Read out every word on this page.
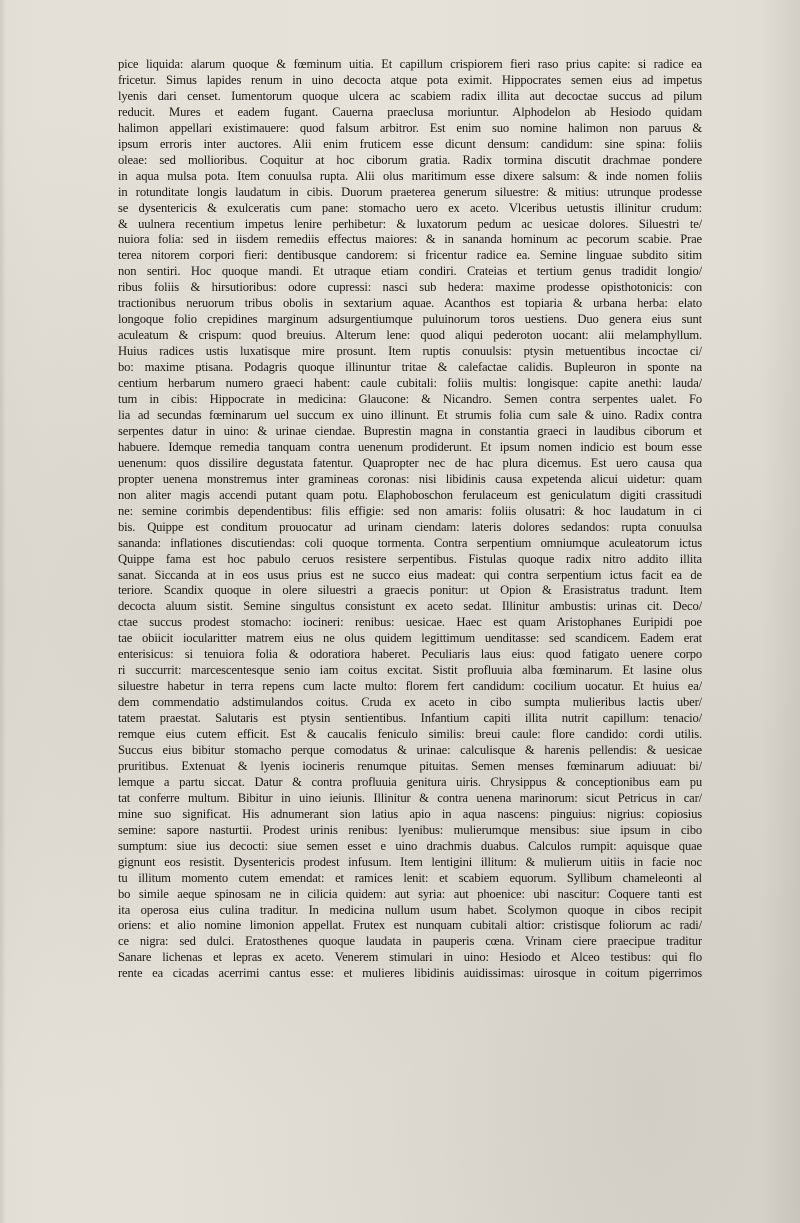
pice liquida: alarum quoque & fœminum uitia. Et capillum crispiorem fieri raso prius capite: si radice ea
fricetur. Simus lapides renum in uino decocta atque pota eximit. Hippocrates semen eius ad impetus
lyenis dari censet. Iumentorum quoque ulcera ac scabiem radix illita aut decoctae succus ad pilum
reducit. Mures et eadem fugant. Cauerna praeclusa moriuntur. Alphodelon ab Hesiodo quidam
halimon appellari existimauere: quod falsum arbitror. Est enim suo nomine halimon non paruus &
ipsum erroris inter auctores. Alii enim fruticem esse dicunt densum: candidum: sine spina: foliis
oleae: sed mollioribus. Coquitur at hoc ciborum gratia. Radix tormina discutit drachmae pondere
in aqua mulsa pota. Item conuulsa rupta. Alii olus maritimum esse dixere salsum: & inde nomen foliis
in rotunditate longis laudatum in cibis. Duorum praeterea generum siluestre: & mitius: utrunque prodesse
se dysentericis & exulceratis cum pane: stomacho uero ex aceto. Vlceribus uetustis illinitur crudum:
& uulnera recentium impetus lenire perhibetur: & luxatorum pedum ac uesicae dolores. Siluestri te/
nuiora folia: sed in iisdem remediis effectus maiores: & in sananda hominum ac pecorum scabie. Prae
terea nitorem corpori fieri: dentibusque candorem: si fricentur radice ea. Semine linguae subdito sitim
non sentiri. Hoc quoque mandi. Et utraque etiam condiri. Crateias et tertium genus tradidit longio/
ribus foliis & hirsutioribus: odore cupressi: nasci sub hedera: maxime prodesse opisthotonicis: con
tractionibus neruorum tribus obolis in sextarium aquae. Acanthos est topiaria & urbana herba: elato
longoque folio crepidines marginum adsurgentiumque puluinorum toros uestiens. Duo genera eius sunt
aculeatum & crispum: quod breuius. Alterum lene: quod aliqui pederoton uocant: alii melamphyllum.
Huius radices ustis luxatisque mire prosunt. Item ruptis conuulsis: ptysin metuentibus incoctae ci/
bo: maxime ptisana. Podagris quoque illinuntur tritae & calefactae calidis. Bupleuron in sponte na
centium herbarum numero graeci habent: caule cubitali: foliis multis: longisque: capite anethi: lauda/
tum in cibis: Hippocrate in medicina: Glaucone: & Nicandro. Semen contra serpentes ualet. Fo
lia ad secundas fœminarum uel succum ex uino illinunt. Et strumis folia cum sale & uino. Radix contra
serpentes datur in uino: & urinae ciendae. Buprestin magna in constantia graeci in laudibus ciborum et
habuere. Idemque remedia tanquam contra uenenum prodiderunt. Et ipsum nomen indicio est boum esse
uenenum: quos dissilire degustata fatentur. Quapropter nec de hac plura dicemus. Est uero causa qua
propter uenena monstremus inter gramineas coronas: nisi libidinis causa expetenda alicui uidetur: quam
non aliter magis accendi putant quam potu. Elaphoboschon ferulaceum est geniculatum digiti crassitudi
ne: semine corimbis dependentibus: filis effigie: sed non amaris: foliis olusatri: & hoc laudatum in ci
bis. Quippe est conditum prouocatur ad urinam ciendam: lateris dolores sedandos: rupta conuulsa
sananda: inflationes discutiendas: coli quoque tormenta. Contra serpentium omniumque aculeatorum ictus
Quippe fama est hoc pabulo ceruos resistere serpentibus. Fistulas quoque radix nitro addito illita
sanat. Siccanda at in eos usus prius est ne succo eius madeat: qui contra serpentium ictus facit ea de
teriore. Scandix quoque in olere siluestri a graecis ponitur: ut Opion & Erasistratus tradunt. Item
decocta aluum sistit. Semine singultus consistunt ex aceto sedat. Illinitur ambustis: urinas cit. Deco/
ctae succus prodest stomacho: iocineri: renibus: uesicae. Haec est quam Aristophanes Euripidi poe
tae obiicit iocularitter matrem eius ne olus quidem legittimum uenditasse: sed scandicem. Eadem erat
enterisicus: si tenuiora folia & odoratiora haberet. Peculiaris laus eius: quod fatigato uenere corpo
ri succurrit: marcescentesque senio iam coitus excitat. Sistit profluuia alba fœminarum. Et lasine olus
siluestre habetur in terra repens cum lacte multo: florem fert candidum: cocilium uocatur. Et huius ea/
dem commendatio adstimulandos coitus. Cruda ex aceto in cibo sumpta mulieribus lactis uber/
tatem praestat. Salutaris est ptysin sentientibus. Infantium capiti illita nutrit capillum: tenacio/
remque eius cutem efficit. Est & caucalis feniculo similis: breui caule: flore candido: cordi utilis.
Succus eius bibitur stomacho perque comodatus & urinae: calculisque & harenis pellendis: & uesicae
pruritibus. Extenuat & lyenis iocineris renumque pituitas. Semen menses fœminarum adiuuat: bi/
lemque a partu siccat. Datur & contra profluuia genitura uiris. Chrysippus & conceptionibus eam pu
tat conferre multum. Bibitur in uino ieiunis. Illinitur & contra uenena marinorum: sicut Petricus in car/
mine suo significat. His adnumerant sion latius apio in aqua nascens: pinguius: nigrius: copiosius
semine: sapore nasturtii. Prodest urinis renibus: lyenibus: mulierumque mensibus: siue ipsum in cibo
sumptum: siue ius decocti: siue semen esset e uino drachmis duabus. Calculos rumpit: aquisque quae
gignunt eos resistit. Dysentericis prodest infusum. Item lentigini illitum: & mulierum uitiis in facie noc
tu illitum momento cutem emendat: et ramices lenit: et scabiem equorum. Syllibum chameleonti al
bo simile aeque spinosam ne in cilicia quidem: aut syria: aut phoenice: ubi nascitur: Coquere tanti est
ita operosa eius culina traditur. In medicina nullum usum habet. Scolymon quoque in cibos recipit
oriens: et alio nomine limonion appellat. Frutex est nunquam cubitali altior: cristisque foliorum ac radi/
ce nigra: sed dulci. Eratosthenes quoque laudata in pauperis cœna. Vrinam ciere praecipue traditur
Sanare lichenas et lepras ex aceto. Venerem stimulari in uino: Hesiodo et Alceo testibus: qui flo
rente ea cicadas acerrimi cantus esse: et mulieres libidinis auidissimas: uirosque in coitum pigerrimos
